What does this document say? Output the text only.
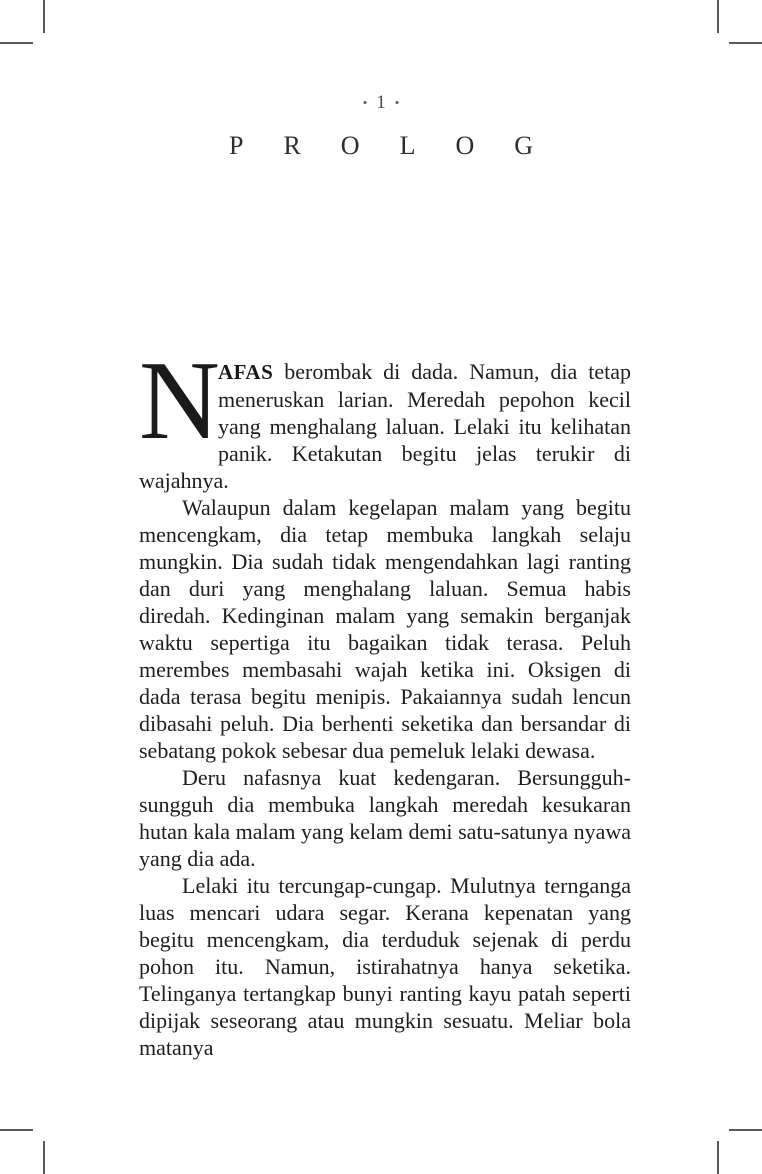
• 1 •
PROLOG

N
AFAS berombak di dada. Namun, dia tetap meneruskan larian. Meredah pepohon kecil yang menghalang laluan. Lelaki itu kelihatan panik. Ketakutan begitu jelas terukir di wajahnya.

Walaupun dalam kegelapan malam yang begitu mencengkam, dia tetap membuka langkah selaju mungkin. Dia sudah tidak mengendahkan lagi ranting dan duri yang menghalang laluan. Semua habis diredah. Kedinginan malam yang semakin berganjak waktu sepertiga itu bagaikan tidak terasa. Peluh merembes membasahi wajah ketika ini. Oksigen di dada terasa begitu menipis. Pakaiannya sudah lencun dibasahi peluh. Dia berhenti seketika dan bersandar di sebatang pokok sebesar dua pemeluk lelaki dewasa.

Deru nafasnya kuat kedengaran. Bersungguh-sungguh dia membuka langkah meredah kesukaran hutan kala malam yang kelam demi satu-satunya nyawa yang dia ada.

Lelaki itu tercungap-cungap. Mulutnya ternganga luas mencari udara segar. Kerana kepenatan yang begitu mencengkam, dia terduduk sejenak di perdu pohon itu. Namun, istirahatnya hanya seketika. Telinganya tertangkap bunyi ranting kayu patah seperti dipijak seseorang atau mungkin sesuatu. Meliar bola matanya
